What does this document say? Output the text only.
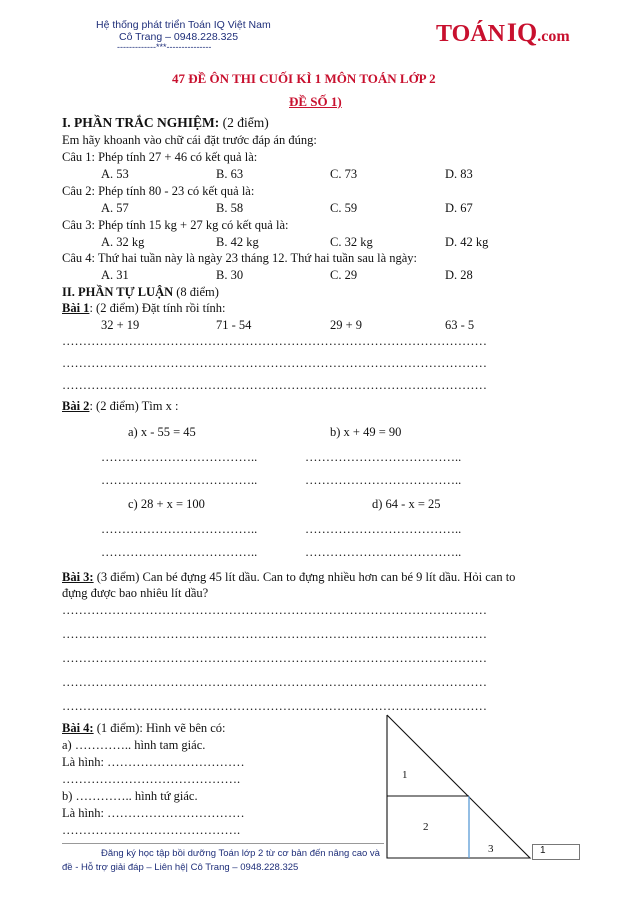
Hệ thống phát triển Toán IQ Việt Nam
Cô Trang – 0948.228.325
-------------***---------------	TOÁNIQ.com
47 ĐỀ ÔN THI CUỐI KÌ 1 MÔN TOÁN LỚP 2
ĐỀ SỐ 1)
I. PHẦN TRẮC NGHIỆM: (2 điểm)
Em hãy khoanh vào chữ cái đặt trước đáp án đúng:
Câu 1: Phép tính 27 + 46 có kết quả là:
A. 53	B. 63	C. 73	D. 83
Câu 2: Phép tính 80 - 23 có kết quả là:
A. 57	B. 58	C. 59	D. 67
Câu 3: Phép tính 15 kg + 27 kg có kết quả là:
A. 32 kg	B. 42 kg	C. 32 kg	D. 42 kg
Câu 4: Thứ hai tuần này là ngày 23 tháng 12. Thứ hai tuần sau là ngày:
A. 31	B. 30	C. 29	D. 28
II. PHẦN TỰ LUẬN (8 điểm)
Bài 1: (2 điểm) Đặt tính rồi tính:
32 + 19	71 - 54	29 + 9	63 - 5
…………………………………………………………………………………………
…………………………………………………………………………………………
…………………………………………………………………………………………
Bài 2: (2 điểm) Tìm x :
a) x - 55 = 45	b) x + 49 = 90
………………………………..	………………………………..
………………………………..	………………………………..
c) 28 + x = 100	d) 64 - x = 25
………………………………..	………………………………..
………………………………..	………………………………..
Bài 3: (3 điểm) Can bé đựng 45 lít dầu. Can to đựng nhiều hơn can bé 9 lít dầu. Hỏi can to
đựng được bao nhiêu lít dầu?
…………………………………………………………………………………………
…………………………………………………………………………………………
…………………………………………………………………………………………
…………………………………………………………………………………………
…………………………………………………………………………………………
Bài 4: (1 điểm): Hình vẽ bên có:
a) ………….. hình tam giác.
Là hình: ……………………………
…………………………………….
b) ………….. hình tứ giác.
Là hình: ……………………………
…………………………………….
1
2
3
Đăng ký học tập bồi dưỡng Toán lớp 2 từ cơ bản đến nâng cao và
đề - Hỗ trợ giải đáp – Liên hệ| Cô Trang – 0948.228.325
1
